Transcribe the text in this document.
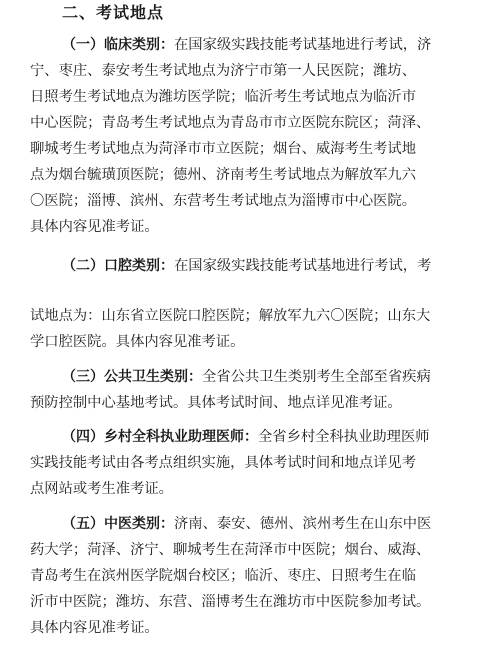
二、考试地点
（一）临床类别：在国家级实践技能考试基地进行考试，济
宁、枣庄、泰安考生考试地点为济宁市第一人民医院；潍坊、
日照考生考试地点为潍坊医学院；临沂考生考试地点为临沂市
中心医院；青岛考生考试地点为青岛市市立医院东院区；菏泽、
聊城考生考试地点为菏泽市市立医院；烟台、威海考生考试地
点为烟台毓璜顶医院；德州、济南考生考试地点为解放军九六
〇医院；淄博、滨州、东营考生考试地点为淄博市中心医院。
具体内容见准考证。
（二）口腔类别：在国家级实践技能考试基地进行考试，考
试地点为：山东省立医院口腔医院；解放军九六〇医院；山东大
学口腔医院。具体内容见准考证。
（三）公共卫生类别：全省公共卫生类别考生全部至省疾病
预防控制中心基地考试。具体考试时间、地点详见准考证。
（四）乡村全科执业助理医师：全省乡村全科执业助理医师
实践技能考试由各考点组织实施，具体考试时间和地点详见考
点网站或考生准考证。
（五）中医类别：济南、泰安、德州、滨州考生在山东中医
药大学；菏泽、济宁、聊城考生在菏泽市中医院；烟台、威海、
青岛考生在滨州医学院烟台校区；临沂、枣庄、日照考生在临
沂市中医院；潍坊、东营、淄博考生在潍坊市中医院参加考试。
具体内容见准考证。
